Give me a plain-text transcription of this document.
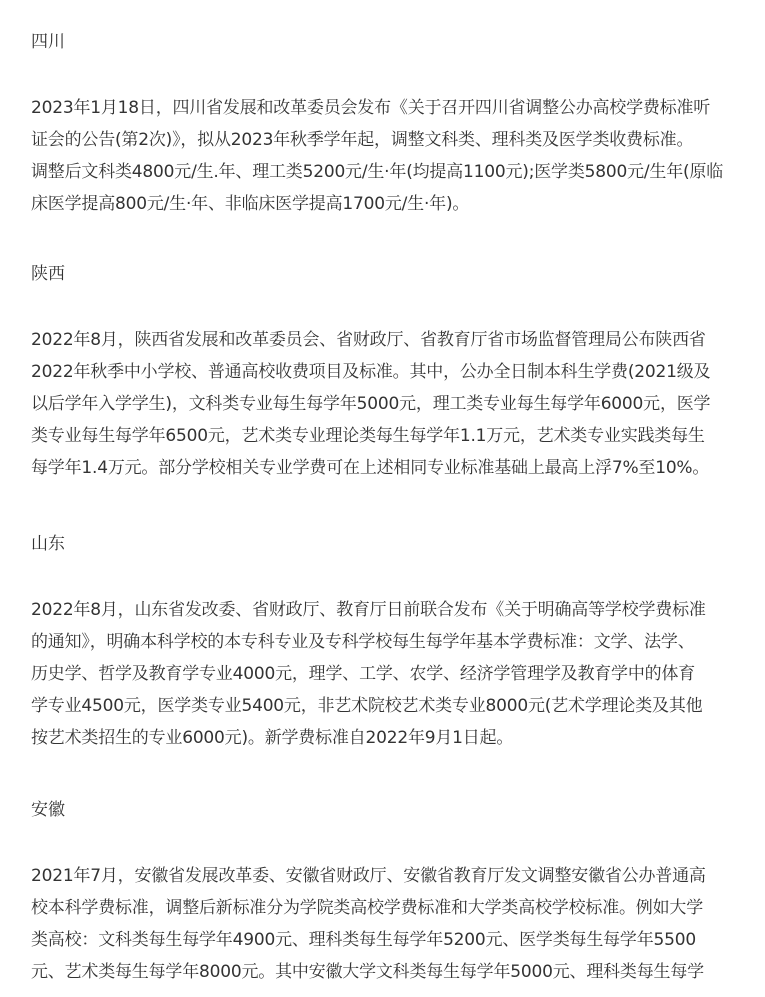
四川

2023年1月18日，四川省发展和改革委员会发布《关于召开四川省调整公办高校学费标准听
证会的公告(第2次)》，拟从2023年秋季学年起，调整文科类、理科类及医学类收费标准。
调整后文科类4800元/生.年、理工类5200元/生·年(均提高1100元);医学类5800元/生年(原临
床医学提高800元/生·年、非临床医学提高1700元/生·年)。

陕西

2022年8月，陕西省发展和改革委员会、省财政厅、省教育厅省市场监督管理局公布陕西省
2022年秋季中小学校、普通高校收费项目及标准。其中，公办全日制本科生学费(2021级及
以后学年入学学生)，文科类专业每生每学年5000元，理工类专业每生每学年6000元，医学
类专业每生每学年6500元，艺术类专业理论类每生每学年1.1万元，艺术类专业实践类每生
每学年1.4万元。部分学校相关专业学费可在上述相同专业标准基础上最高上浮7%至10%。

山东

2022年8月，山东省发改委、省财政厅、教育厅日前联合发布《关于明确高等学校学费标准
的通知》，明确本科学校的本专科专业及专科学校每生每学年基本学费标准：文学、法学、
历史学、哲学及教育学专业4000元，理学、工学、农学、经济学管理学及教育学中的体育
学专业4500元，医学类专业5400元，非艺术院校艺术类专业8000元(艺术学理论类及其他
按艺术类招生的专业6000元)。新学费标准自2022年9月1日起。

安徽

2021年7月，安徽省发展改革委、安徽省财政厅、安徽省教育厅发文调整安徽省公办普通高
校本科学费标准，调整后新标准分为学院类高校学费标准和大学类高校学校标准。例如大学
类高校：文科类每生每学年4900元、理科类每生每学年5200元、医学类每生每学年5500
元、艺术类每生每学年8000元。其中安徽大学文科类每生每学年5000元、理科类每生每学
